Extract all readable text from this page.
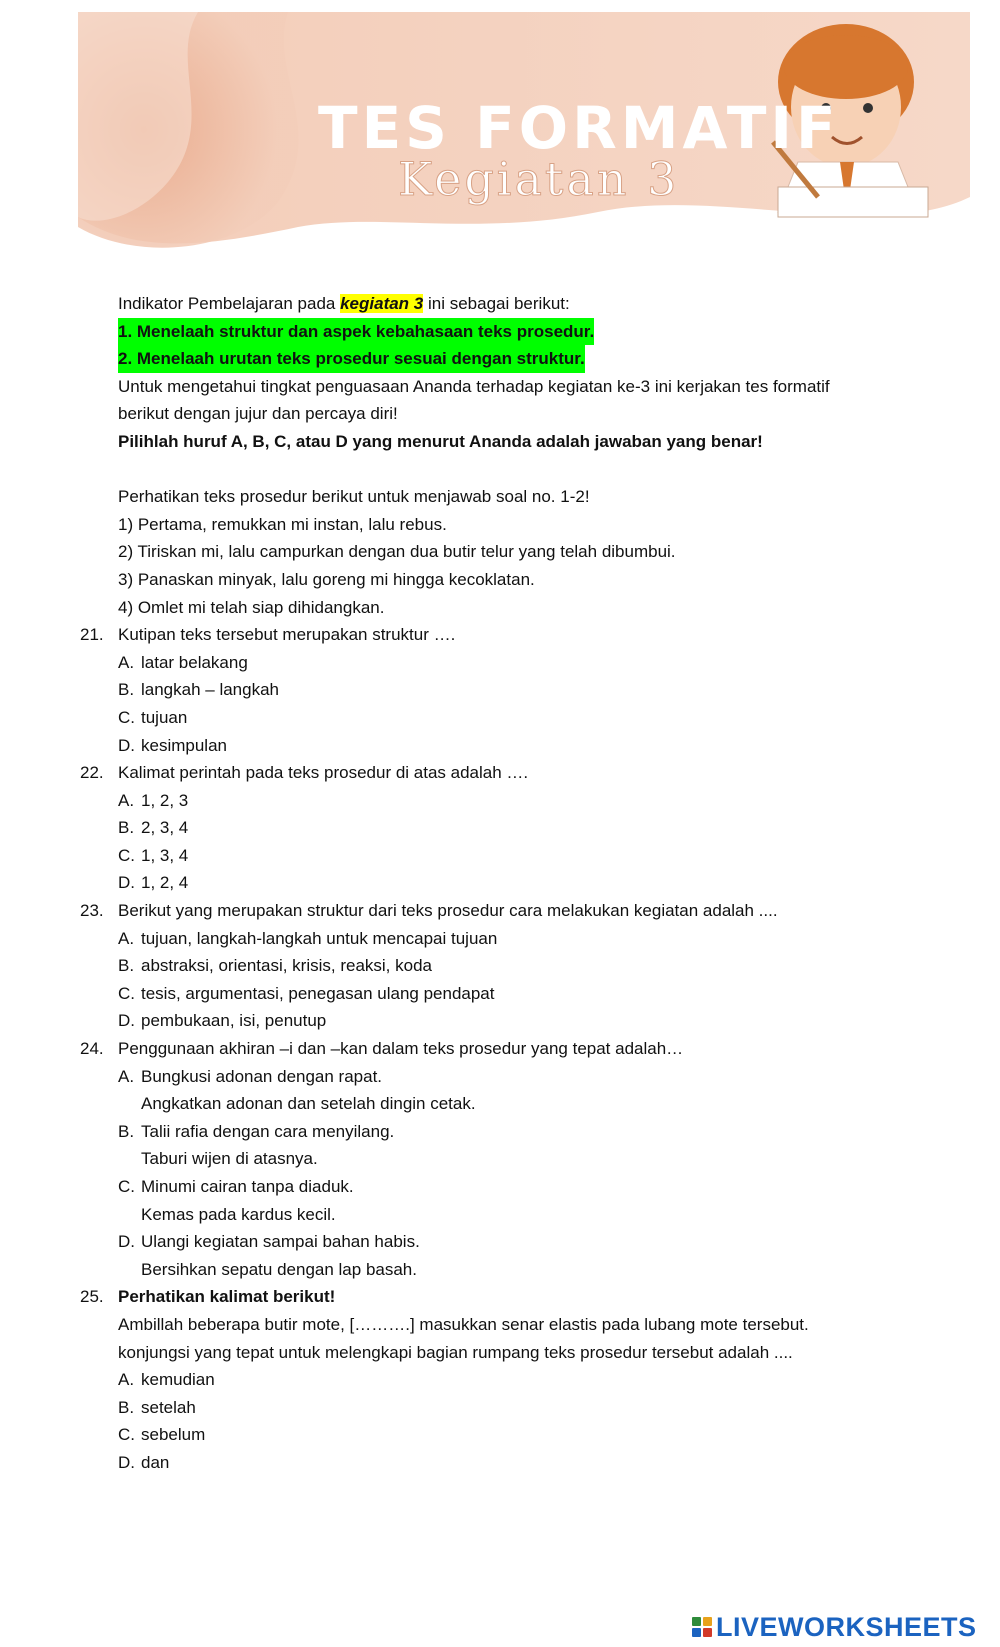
TES FORMATIF
Kegiatan 3
Indikator Pembelajaran pada kegiatan 3 ini sebagai berikut:
1. Menelaah struktur dan aspek kebahasaan teks prosedur.
2. Menelaah urutan teks prosedur sesuai dengan struktur.
Untuk mengetahui tingkat penguasaan Ananda terhadap kegiatan ke-3 ini kerjakan tes formatif
berikut dengan jujur dan percaya diri!
Pilihlah huruf A, B, C, atau D yang menurut Ananda adalah jawaban yang benar!
Perhatikan teks prosedur berikut untuk menjawab soal no. 1-2!
1) Pertama, remukkan mi instan, lalu rebus.
2) Tiriskan mi, lalu campurkan dengan dua butir telur yang telah dibumbui.
3) Panaskan minyak, lalu goreng mi hingga kecoklatan.
4) Omlet mi telah siap dihidangkan.
21. Kutipan teks tersebut merupakan struktur ….
A. latar belakang
B. langkah – langkah
C. tujuan
D. kesimpulan
22. Kalimat perintah pada teks prosedur di atas adalah ….
A. 1, 2, 3
B. 2, 3, 4
C. 1, 3, 4
D. 1, 2, 4
23. Berikut yang merupakan struktur dari teks prosedur cara melakukan kegiatan adalah ....
A. tujuan, langkah-langkah untuk mencapai tujuan
B. abstraksi, orientasi, krisis, reaksi, koda
C. tesis, argumentasi, penegasan ulang pendapat
D. pembukaan, isi, penutup
24. Penggunaan akhiran –i dan –kan dalam teks prosedur yang tepat adalah…
A. Bungkusi adonan dengan rapat.
Angkatkan adonan dan setelah dingin cetak.
B. Talii rafia dengan cara menyilang.
Taburi wijen di atasnya.
C. Minumi cairan tanpa diaduk.
Kemas pada kardus kecil.
D. Ulangi kegiatan sampai bahan habis.
Bersihkan sepatu dengan lap basah.
25. Perhatikan kalimat berikut!
Ambillah beberapa butir mote, [……….] masukkan senar elastis pada lubang mote tersebut.
konjungsi yang tepat untuk melengkapi bagian rumpang teks prosedur tersebut adalah ....
A. kemudian
B. setelah
C. sebelum
D. dan
LIVEWORKSHEETS
